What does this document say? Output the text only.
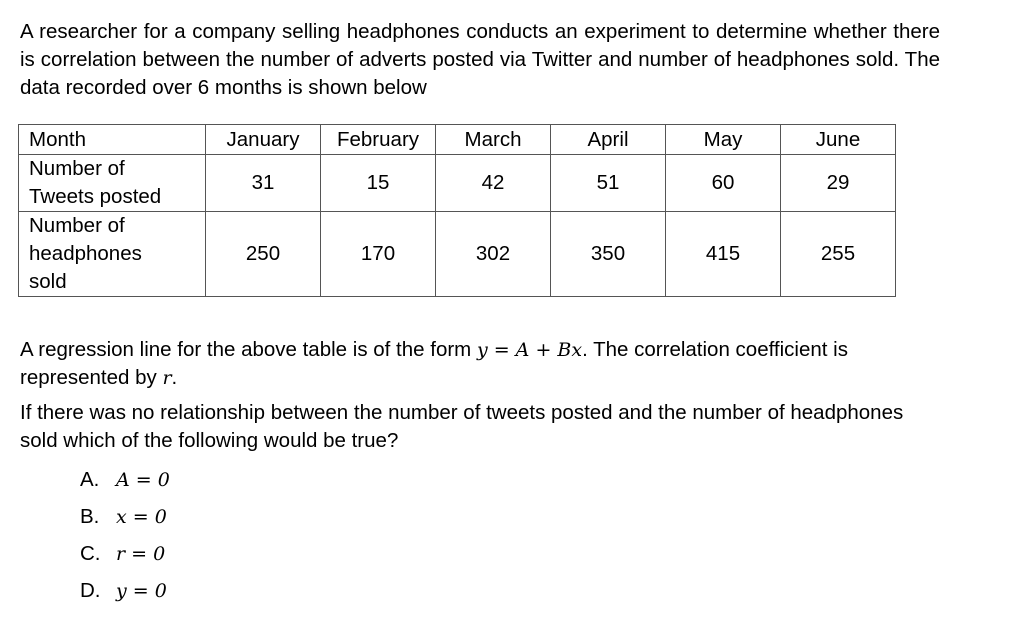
A researcher for a company selling headphones conducts an experiment to determine whether there is correlation between the number of adverts posted via Twitter and number of headphones sold. The data recorded over 6 months is shown below

Month	January	February	March	April	May	June

Number of
Tweets posted	31	15	42	51	60	29

Number of
headphones
sold	250	170	302	350	415	255

A regression line for the above table is of the form y = A + Bx. The correlation coefficient is represented by r.

If there was no relationship between the number of tweets posted and the number of headphones sold which of the following would be true?

A. A = 0
B. x = 0
C. r = 0
D. y = 0
